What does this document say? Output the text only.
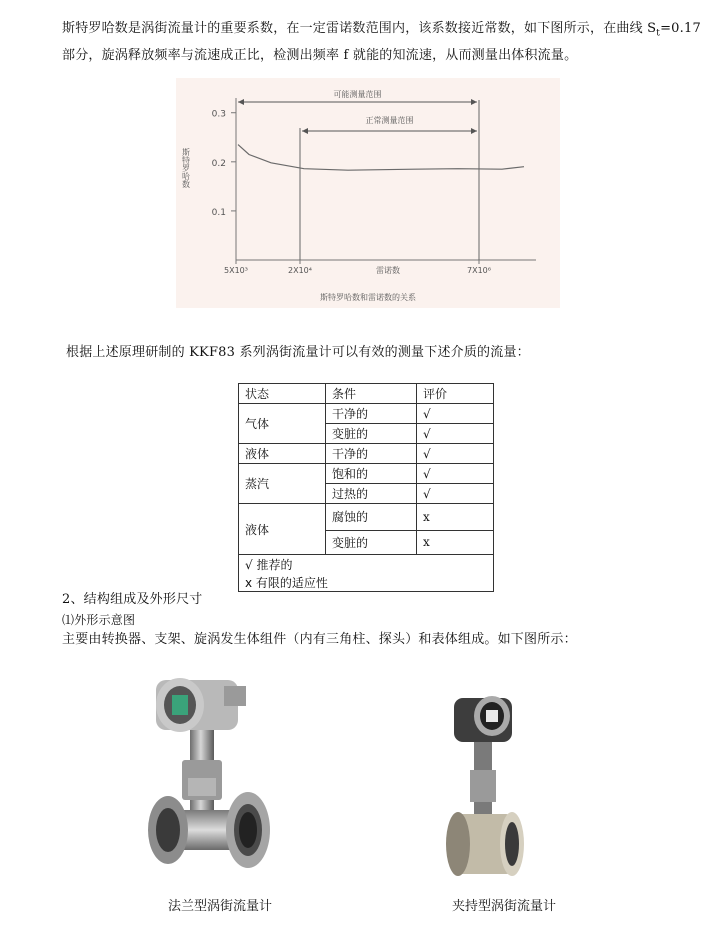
斯特罗哈数是涡街流量计的重要系数，在一定雷诺数范围内，该系数接近常数，如下图所示，在曲线 $S_t=0.17$ 部分，旋涡释放频率与流速成正比，检测出频率 f 就能的知流速，从而测量出体积流量。
0.3
0.2
0.1
5X10³	2X10⁴	7X10⁶
可能测量范围
正常测量范围
斯特罗哈数
雷诺数
斯特罗哈数和雷诺数的关系
根据上述原理研制的 KKF83 系列涡街流量计可以有效的测量下述介质的流量：
状态	条件	评价
气体	干净的	√
	变脏的	√
液体	干净的	√
蒸汽	饱和的	√
	过热的	√
液体	腐蚀的	x
	变脏的	x
√ 推荐的		
x 有限的适应性		
2、结构组成及外形尺寸
⑴外形示意图
主要由转换器、支架、旋涡发生体组件（内有三角柱、探头）和表体组成。如下图所示：
法兰型涡街流量计	夹持型涡街流量计
